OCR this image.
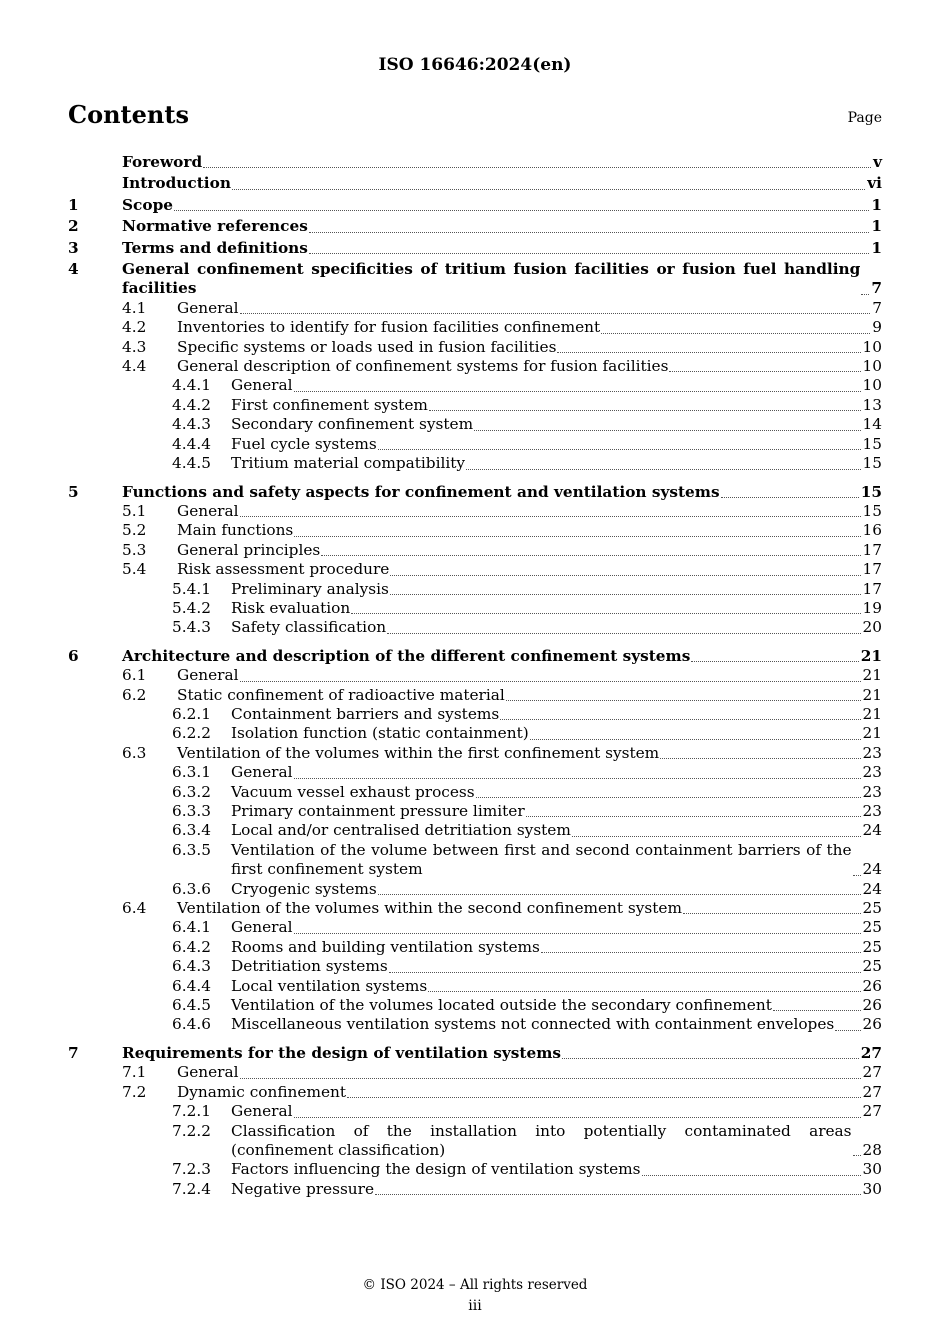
ISO 16646:2024(en)
Contents	Page
Foreword	v
Introduction	vi
1	Scope	1
2	Normative references	1
3	Terms and definitions	1
4	General confinement specificities of tritium fusion facilities or fusion fuel handling facilities	7
4.1	General	7
4.2	Inventories to identify for fusion facilities confinement	9
4.3	Specific systems or loads used in fusion facilities	10
4.4	General description of confinement systems for fusion facilities	10
4.4.1	General	10
4.4.2	First confinement system	13
4.4.3	Secondary confinement system	14
4.4.4	Fuel cycle systems	15
4.4.5	Tritium material compatibility	15
5	Functions and safety aspects for confinement and ventilation systems	15
5.1	General	15
5.2	Main functions	16
5.3	General principles	17
5.4	Risk assessment procedure	17
5.4.1	Preliminary analysis	17
5.4.2	Risk evaluation	19
5.4.3	Safety classification	20
6	Architecture and description of the different confinement systems	21
6.1	General	21
6.2	Static confinement of radioactive material	21
6.2.1	Containment barriers and systems	21
6.2.2	Isolation function (static containment)	21
6.3	Ventilation of the volumes within the first confinement system	23
6.3.1	General	23
6.3.2	Vacuum vessel exhaust process	23
6.3.3	Primary containment pressure limiter	23
6.3.4	Local and/or centralised detritiation system	24
6.3.5	Ventilation of the volume between first and second containment barriers of the first confinement system	24
6.3.6	Cryogenic systems	24
6.4	Ventilation of the volumes within the second confinement system	25
6.4.1	General	25
6.4.2	Rooms and building ventilation systems	25
6.4.3	Detritiation systems	25
6.4.4	Local ventilation systems	26
6.4.5	Ventilation of the volumes located outside the secondary confinement	26
6.4.6	Miscellaneous ventilation systems not connected with containment envelopes 26
7	Requirements for the design of ventilation systems	27
7.1	General	27
7.2	Dynamic confinement	27
7.2.1	General	27
7.2.2	Classification of the installation into potentially contaminated areas (confinement classification)	28
7.2.3	Factors influencing the design of ventilation systems	30
7.2.4	Negative pressure	30
© ISO 2024 – All rights reserved
iii
